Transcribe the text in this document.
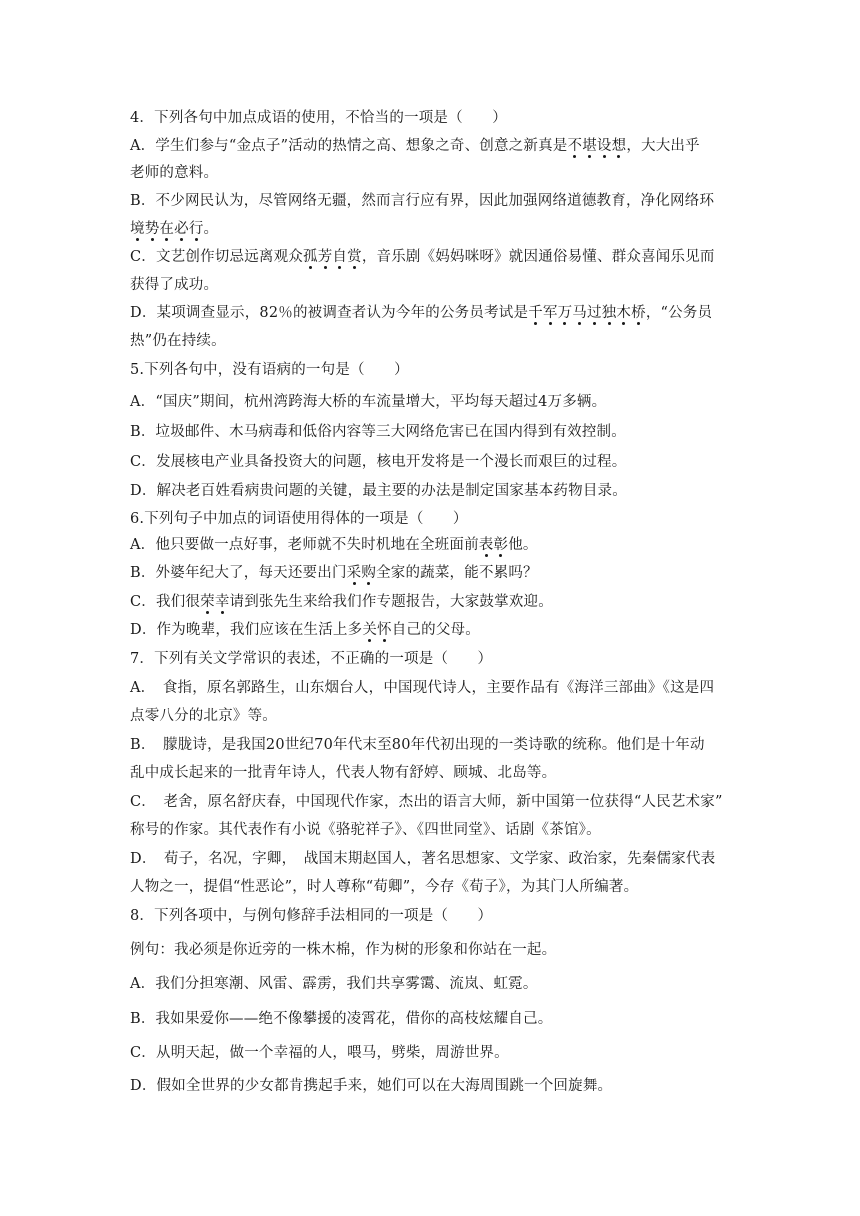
4．下列各句中加点成语的使用，不恰当的一项是（　　）
A．学生们参与“金点子”活动的热情之高、想象之奇、创意之新真是不堪设想，大大出乎
老师的意料。
B．不少网民认为，尽管网络无疆，然而言行应有界，因此加强网络道德教育，净化网络环
境势在必行。
C．文艺创作切忌远离观众孤芳自赏，音乐剧《妈妈咪呀》就因通俗易懂、群众喜闻乐见而
获得了成功。
D．某项调查显示，82％的被调查者认为今年的公务员考试是千军万马过独木桥，“公务员
热”仍在持续。
5.下列各句中，没有语病的一句是（　　）
A．“国庆”期间，杭州湾跨海大桥的车流量增大，平均每天超过4万多辆。
B．垃圾邮件、木马病毒和低俗内容等三大网络危害已在国内得到有效控制。
C．发展核电产业具备投资大的问题，核电开发将是一个漫长而艰巨的过程。
D．解决老百姓看病贵问题的关键，最主要的办法是制定国家基本药物目录。
6.下列句子中加点的词语使用得体的一项是（　　）
A．他只要做一点好事，老师就不失时机地在全班面前表彰他。
B．外婆年纪大了，每天还要出门采购全家的蔬菜，能不累吗？
C．我们很荣幸请到张先生来给我们作专题报告，大家鼓掌欢迎。
D．作为晚辈，我们应该在生活上多关怀自己的父母。
7．下列有关文学常识的表述，不正确的一项是（　　）
A．　食指，原名郭路生，山东烟台人，中国现代诗人，主要作品有《海洋三部曲》《这是四
点零八分的北京》等。
B．　朦胧诗，是我国20世纪70年代末至80年代初出现的一类诗歌的统称。他们是十年动
乱中成长起来的一批青年诗人，代表人物有舒婷、顾城、北岛等。
C．　老舍，原名舒庆春，中国现代作家，杰出的语言大师，新中国第一位获得“人民艺术家”
称号的作家。其代表作有小说《骆驼祥子》、《四世同堂》、话剧《茶馆》。
D．　荀子，名况，字卿，　战国末期赵国人，著名思想家、文学家、政治家，先秦儒家代表
人物之一，提倡“性恶论”，时人尊称“荀卿”，今存《荀子》，为其门人所编著。
8．下列各项中，与例句修辞手法相同的一项是（　　）
例句：我必须是你近旁的一株木棉，作为树的形象和你站在一起。
A．我们分担寒潮、风雷、霹雳，我们共享雾霭、流岚、虹霓。
B．我如果爱你——绝不像攀援的凌霄花，借你的高枝炫耀自己。
C．从明天起，做一个幸福的人，喂马，劈柴，周游世界。
D．假如全世界的少女都肯携起手来，她们可以在大海周围跳一个回旋舞。
